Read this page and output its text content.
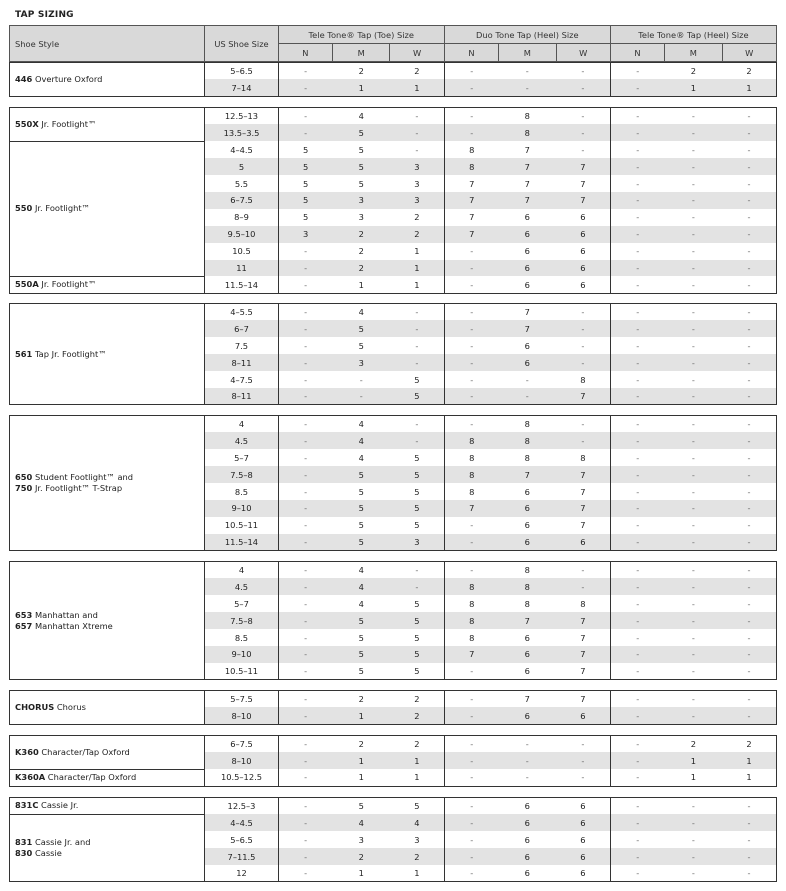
TAP SIZING
Shoe Style	US Shoe Size	Tele Tone® Tap (Toe) Size			Duo Tone Tap (Heel) Size			Tele Tone® Tap (Heel) Size		
		N	M	W	N	M	W	N	M	W
446 Overture Oxford	5–6.5	-	2	2	-	-	-	-	2	2
	7–14	-	1	1	-	-	-	-	1	1
550X Jr. Footlight™	12.5–13	-	4	-	-	8	-	-	-	-
	13.5–3.5	-	5	-	-	8	-	-	-	-
550 Jr. Footlight™	4–4.5	5	5	-	8	7	-	-	-	-
	5	5	5	3	8	7	7	-	-	-
	5.5	5	5	3	7	7	7	-	-	-
	6–7.5	5	3	3	7	7	7	-	-	-
	8–9	5	3	2	7	6	6	-	-	-
	9.5–10	3	2	2	7	6	6	-	-	-
	10.5	-	2	1	-	6	6	-	-	-
	11	-	2	1	-	6	6	-	-	-
550A Jr. Footlight™	11.5–14	-	1	1	-	6	6	-	-	-
561 Tap Jr. Footlight™	4–5.5	-	4	-	-	7	-	-	-	-
	6–7	-	5	-	-	7	-	-	-	-
	7.5	-	5	-	-	6	-	-	-	-
	8–11	-	3	-	-	6	-	-	-	-
	4–7.5	-	-	5	-	-	8	-	-	-
	8–11	-	-	5	-	-	7	-	-	-
650 Student Footlight™ and
750 Jr. Footlight™ T-Strap	4	-	4	-	-	8	-	-	-	-
	4.5	-	4	-	8	8	-	-	-	-
	5–7	-	4	5	8	8	8	-	-	-
	7.5–8	-	5	5	8	7	7	-	-	-
	8.5	-	5	5	8	6	7	-	-	-
	9–10	-	5	5	7	6	7	-	-	-
	10.5–11	-	5	5	-	6	7	-	-	-
	11.5–14	-	5	3	-	6	6	-	-	-
653 Manhattan and
657 Manhattan Xtreme	4	-	4	-	-	8	-	-	-	-
	4.5	-	4	-	8	8	-	-	-	-
	5–7	-	4	5	8	8	8	-	-	-
	7.5–8	-	5	5	8	7	7	-	-	-
	8.5	-	5	5	8	6	7	-	-	-
	9–10	-	5	5	7	6	7	-	-	-
	10.5–11	-	5	5	-	6	7	-	-	-
CHORUS Chorus	5–7.5	-	2	2	-	7	7	-	-	-
	8–10	-	1	2	-	6	6	-	-	-
K360 Character/Tap Oxford	6–7.5	-	2	2	-	-	-	-	2	2
	8–10	-	1	1	-	-	-	-	1	1
K360A Character/Tap Oxford	10.5–12.5	-	1	1	-	-	-	-	1	1
831C Cassie Jr.	12.5–3	-	5	5	-	6	6	-	-	-
831 Cassie Jr. and
830 Cassie	4–4.5	-	4	4	-	6	6	-	-	-
	5–6.5	-	3	3	-	6	6	-	-	-
	7–11.5	-	2	2	-	6	6	-	-	-
	12	-	1	1	-	6	6	-	-	-
